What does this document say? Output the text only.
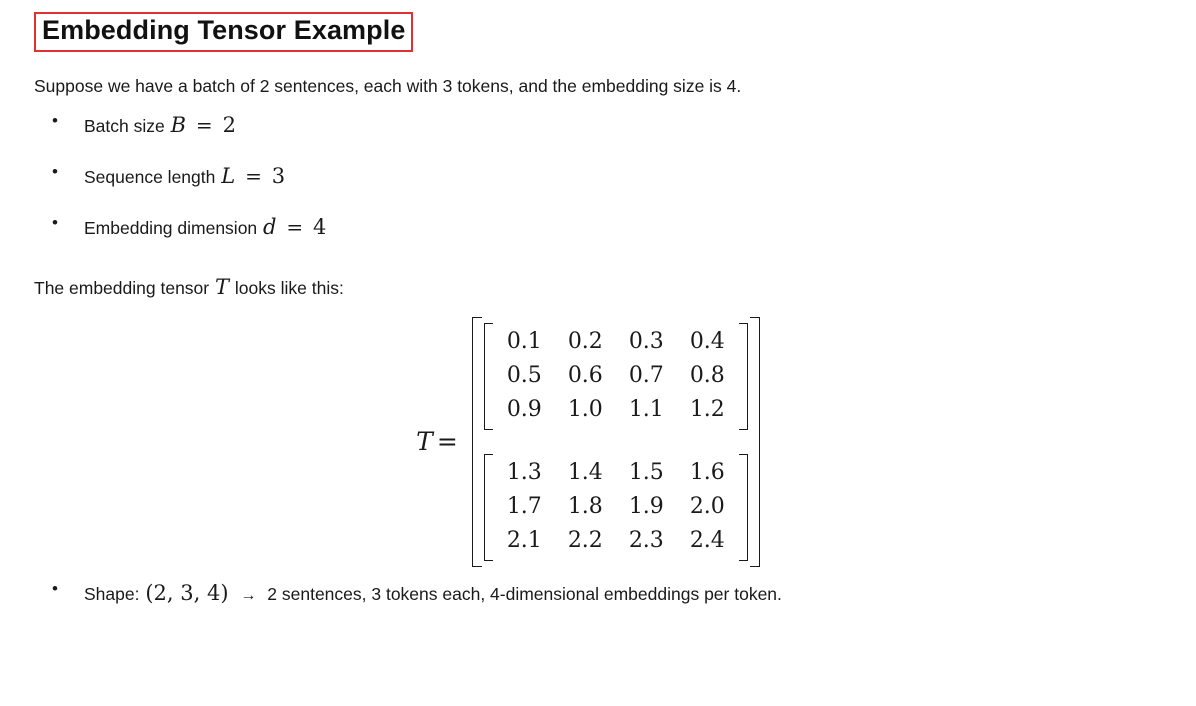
Embedding Tensor Example

Suppose we have a batch of 2 sentences, each with 3 tokens, and the embedding size is 4.

• Batch size B = 2
• Sequence length L = 3
• Embedding dimension d = 4

The embedding tensor T looks like this:

T =
0.1	0.2	0.3	0.4
0.5	0.6	0.7	0.8
0.9	1.0	1.1	1.2
1.3	1.4	1.5	1.6
1.7	1.8	1.9	2.0
2.1	2.2	2.3	2.4
• Shape: (2, 3, 4) → 2 sentences, 3 tokens each, 4-dimensional embeddings per token.
